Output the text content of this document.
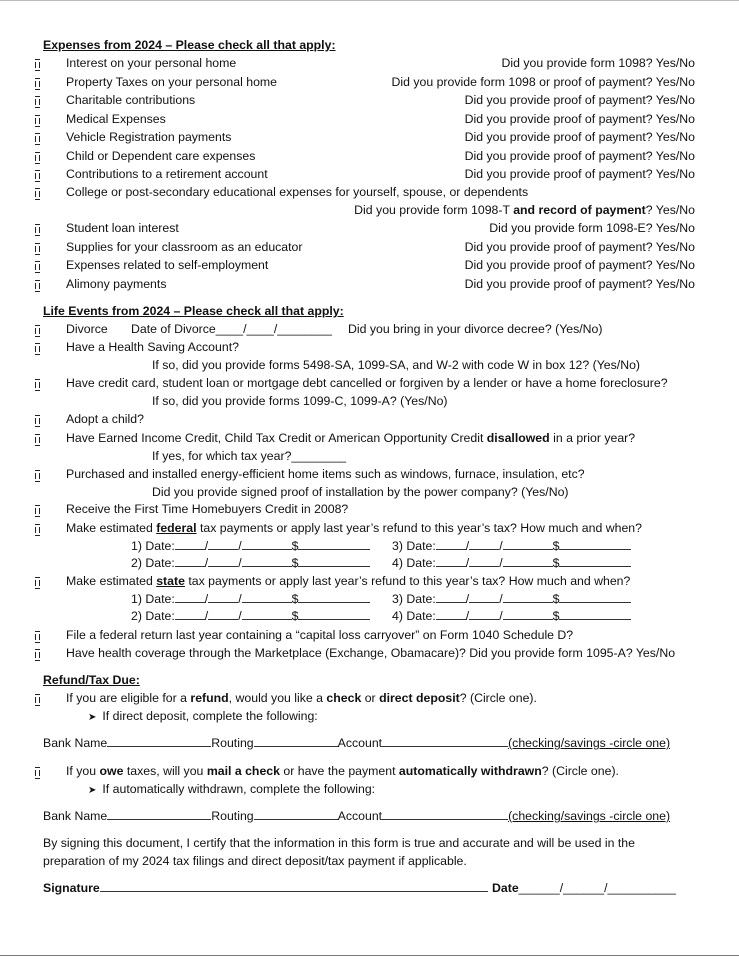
Expenses from 2024 – Please check all that apply:
Interest on your personal home	Did you provide form 1098? Yes/No
Property Taxes on your personal home	Did you provide form 1098 or proof of payment? Yes/No
Charitable contributions	Did you provide proof of payment? Yes/No
Medical Expenses	Did you provide proof of payment? Yes/No
Vehicle Registration payments	Did you provide proof of payment? Yes/No
Child or Dependent care expenses	Did you provide proof of payment? Yes/No
Contributions to a retirement account	Did you provide proof of payment? Yes/No
College or post-secondary educational expenses for yourself, spouse, or dependents
Did you provide form 1098-T and record of payment? Yes/No
Student loan interest	Did you provide form 1098-E? Yes/No
Supplies for your classroom as an educator	Did you provide proof of payment? Yes/No
Expenses related to self-employment	Did you provide proof of payment? Yes/No
Alimony payments	Did you provide proof of payment? Yes/No
Life Events from 2024 – Please check all that apply:
Divorce Date of Divorce____/____/________ Did you bring in your divorce decree? (Yes/No)
Have a Health Saving Account?
If so, did you provide forms 5498-SA, 1099-SA, and W-2 with code W in box 12? (Yes/No)
Have credit card, student loan or mortgage debt cancelled or forgiven by a lender or have a home foreclosure?
If so, did you provide forms 1099-C, 1099-A? (Yes/No)
Adopt a child?
Have Earned Income Credit, Child Tax Credit or American Opportunity Credit disallowed in a prior year?
If yes, for which tax year?________
Purchased and installed energy-efficient home items such as windows, furnace, insulation, etc?
Did you provide signed proof of installation by the power company? (Yes/No)
Receive the First Time Homebuyers Credit in 2008?
Make estimated federal tax payments or apply last year’s refund to this year’s tax? How much and when?
1) Date: / /	$	3) Date: / /	$
2) Date: / /	$	4) Date: / /	$
Make estimated state tax payments or apply last year’s refund to this year’s tax? How much and when?
1) Date: / /	$	3) Date: / /	$
2) Date: / /	$	4) Date: / /	$
File a federal return last year containing a “capital loss carryover” on Form 1040 Schedule D?
Have health coverage through the Marketplace (Exchange, Obamacare)? Did you provide form 1095-A? Yes/No
Refund/Tax Due:
If you are eligible for a refund, would you like a check or direct deposit? (Circle one).
➤ If direct deposit, complete the following:
Bank Name	Routing	Account	(checking/savings -circle one)
If you owe taxes, will you mail a check or have the payment automatically withdrawn? (Circle one).
➤ If automatically withdrawn, complete the following:
Bank Name	Routing	Account	(checking/savings -circle one)
By signing this document, I certify that the information in this form is true and accurate and will be used in the
preparation of my 2024 tax filings and direct deposit/tax payment if applicable.
Signature	Date______/______/__________
